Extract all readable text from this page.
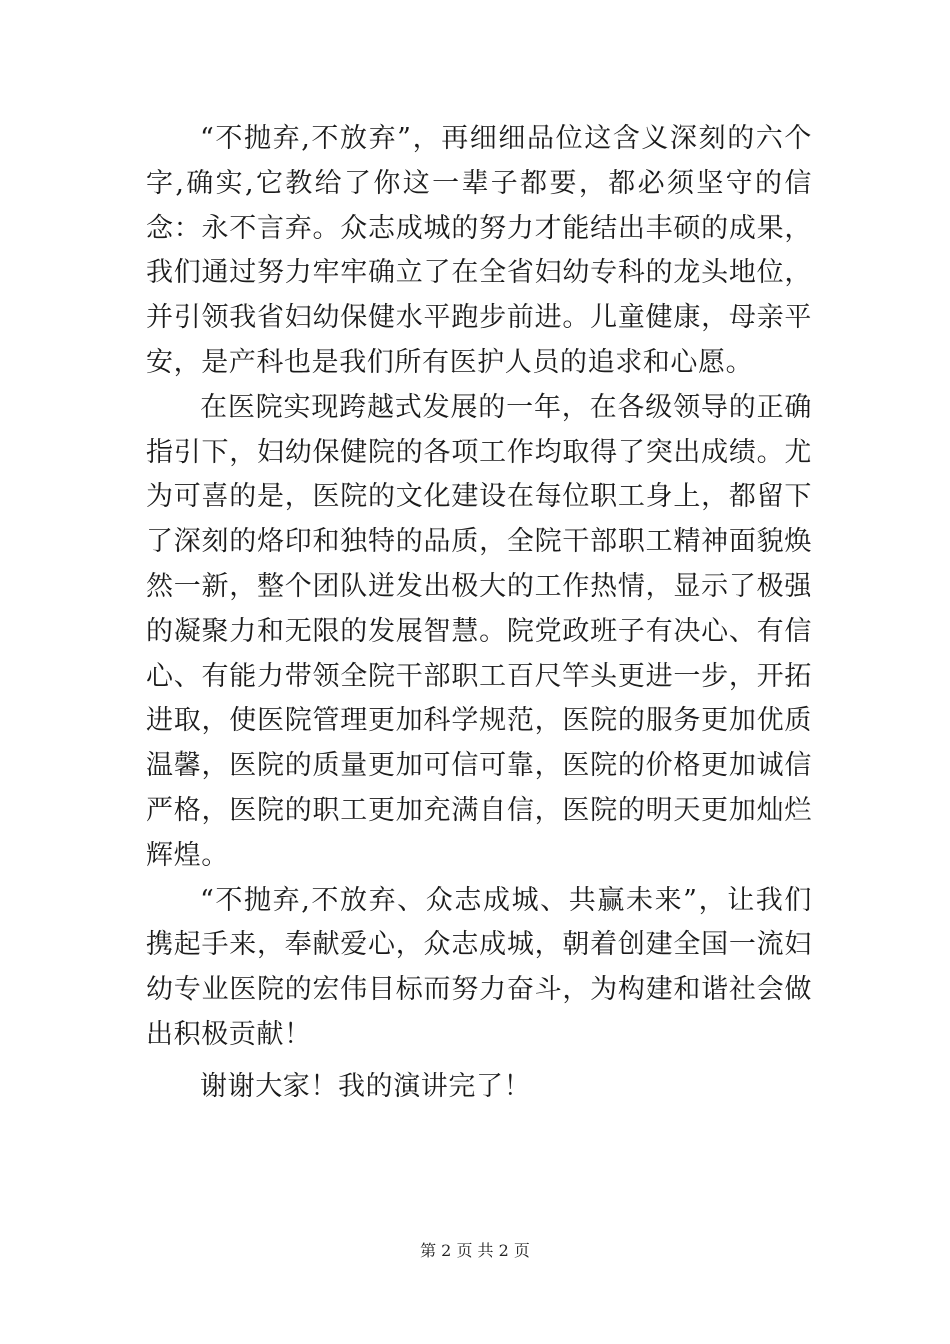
“不抛弃,不放弃”，再细细品位这含义深刻的六个字,确实,它教给了你这一辈子都要，都必须坚守的信念：永不言弃。众志成城的努力才能结出丰硕的成果，我们通过努力牢牢确立了在全省妇幼专科的龙头地位，并引领我省妇幼保健水平跑步前进。儿童健康，母亲平安，是产科也是我们所有医护人员的追求和心愿。

在医院实现跨越式发展的一年，在各级领导的正确指引下，妇幼保健院的各项工作均取得了突出成绩。尤为可喜的是，医院的文化建设在每位职工身上，都留下了深刻的烙印和独特的品质，全院干部职工精神面貌焕然一新，整个团队迸发出极大的工作热情，显示了极强的凝聚力和无限的发展智慧。院党政班子有决心、有信心、有能力带领全院干部职工百尺竿头更进一步，开拓进取，使医院管理更加科学规范，医院的服务更加优质温馨，医院的质量更加可信可靠，医院的价格更加诚信严格，医院的职工更加充满自信，医院的明天更加灿烂辉煌。

“不抛弃,不放弃、众志成城、共赢未来”，让我们携起手来，奉献爱心，众志成城，朝着创建全国一流妇幼专业医院的宏伟目标而努力奋斗，为构建和谐社会做出积极贡献！

谢谢大家！我的演讲完了！

第 2 页 共 2 页
